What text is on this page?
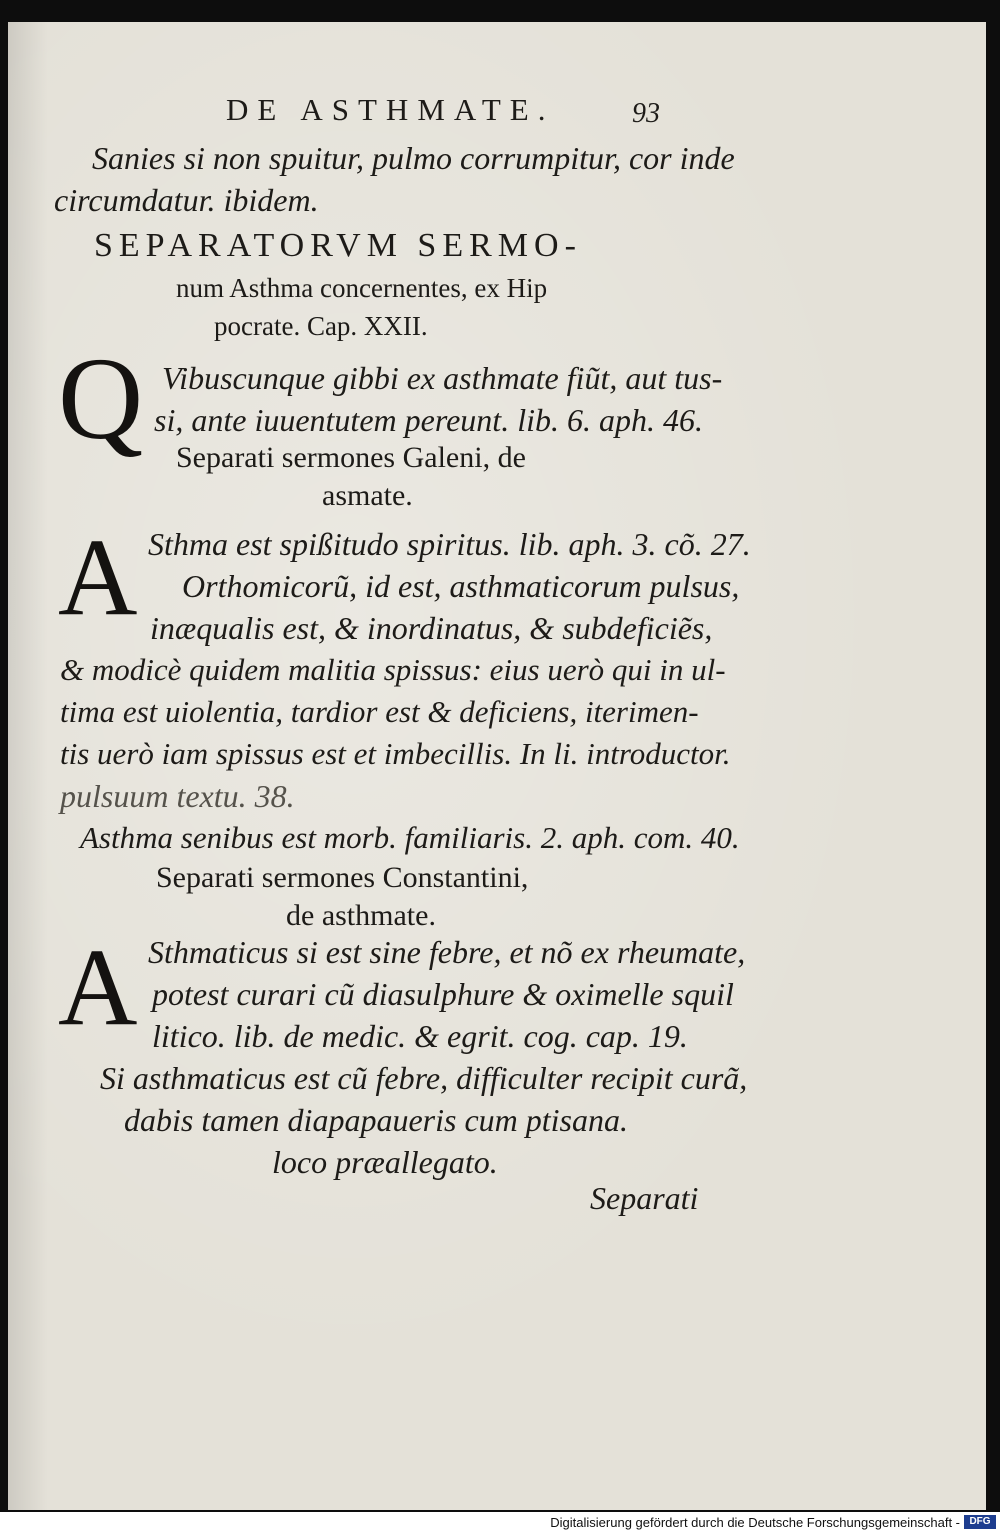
DE ASTHMATE.	93
Sanies si non spuitur, pulmo corrumpitur, cor inde
circumdatur. ibidem.
SEPARATORVM SERMO-
num Asthma concernentes, ex Hip
pocrate. Cap. XXII.
Q Vibuscunque gibbi ex asthmate fiũt, aut tus-
si, ante iuuentutem pereunt. lib. 6. aph. 46.
Separati sermones Galeni, de
asmate.
A Sthma est spißitudo spiritus. lib. aph. 3. cõ. 27.
Orthomicorũ, id est, asthmaticorum pulsus,
inæqualis est, & inordinatus, & subdeficiẽs,
& modicè quidem malitia spissus: eius uerò qui in ul-
tima est uiolentia, tardior est & deficiens, iterimen-
tis uerò iam spissus est et imbecillis. In li. introductor.
pulsuum textu. 38.
Asthma senibus est morb. familiaris. 2. aph. com. 40.
Separati sermones Constantini,
de asthmate.
A Sthmaticus si est sine febre, et nõ ex rheumate,
potest curari cũ diasulphure & oximelle squil
litico. lib. de medic. & egrit. cog. cap. 19.
Si asthmaticus est cũ febre, difficulter recipit curã,
dabis tamen diapapaueris cum ptisana.
loco præallegato.
Separati
Digitalisierung gefördert durch die Deutsche Forschungsgemeinschaft - DFG
